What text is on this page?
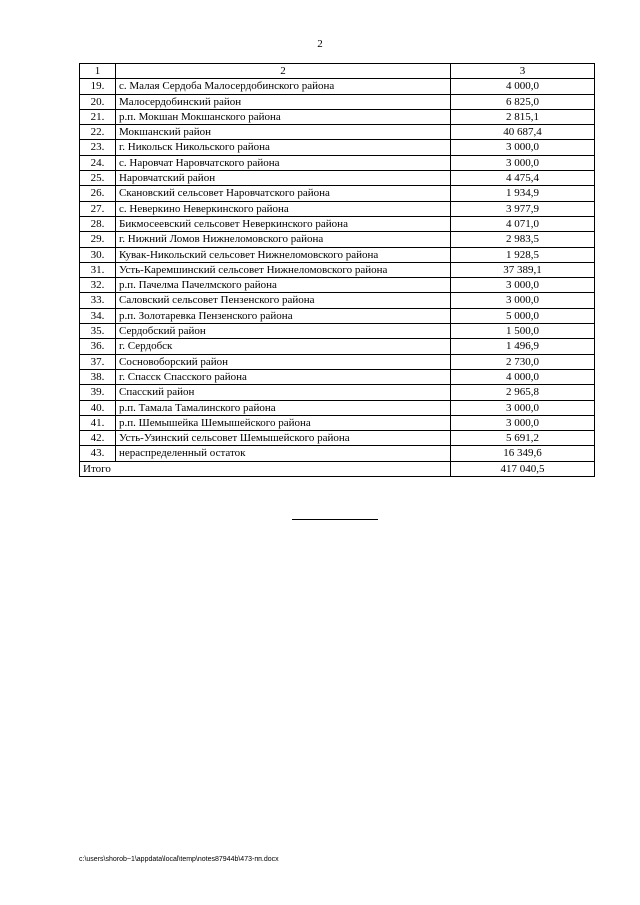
2
1	2	3
19.	с. Малая Сердоба Малосердобинского района	4 000,0
20.	Малосердобинский район	6 825,0
21.	р.п. Мокшан Мокшанского района	2 815,1
22.	Мокшанский район	40 687,4
23.	г. Никольск Никольского района	3 000,0
24.	с. Наровчат Наровчатского района	3 000,0
25.	Наровчатский район	4 475,4
26.	Скановский сельсовет Наровчатского района	1 934,9
27.	с. Неверкино Неверкинского района	3 977,9
28.	Бикмосеевский сельсовет Неверкинского района	4 071,0
29.	г. Нижний Ломов Нижнеломовского района	2 983,5
30.	Кувак-Никольский сельсовет Нижнеломовского района	1 928,5
31.	Усть-Каремшинский сельсовет Нижнеломовского района	37 389,1
32.	р.п. Пачелма Пачелмского района	3 000,0
33.	Саловский сельсовет Пензенского района	3 000,0
34.	р.п. Золотаревка Пензенского района	5 000,0
35.	Сердобский район	1 500,0
36.	г. Сердобск	1 496,9
37.	Сосновоборский район	2 730,0
38.	г. Спасск Спасского района	4 000,0
39.	Спасский район	2 965,8
40.	р.п. Тамала Тамалинского района	3 000,0
41.	р.п. Шемышейка Шемышейского района	3 000,0
42.	Усть-Узинский сельсовет Шемышейского района	5 691,2
43.	нераспределенный остаток	16 349,6
Итого		417 040,5
c:\users\shorob~1\appdata\local\temp\notes87944b\473-пп.docx
